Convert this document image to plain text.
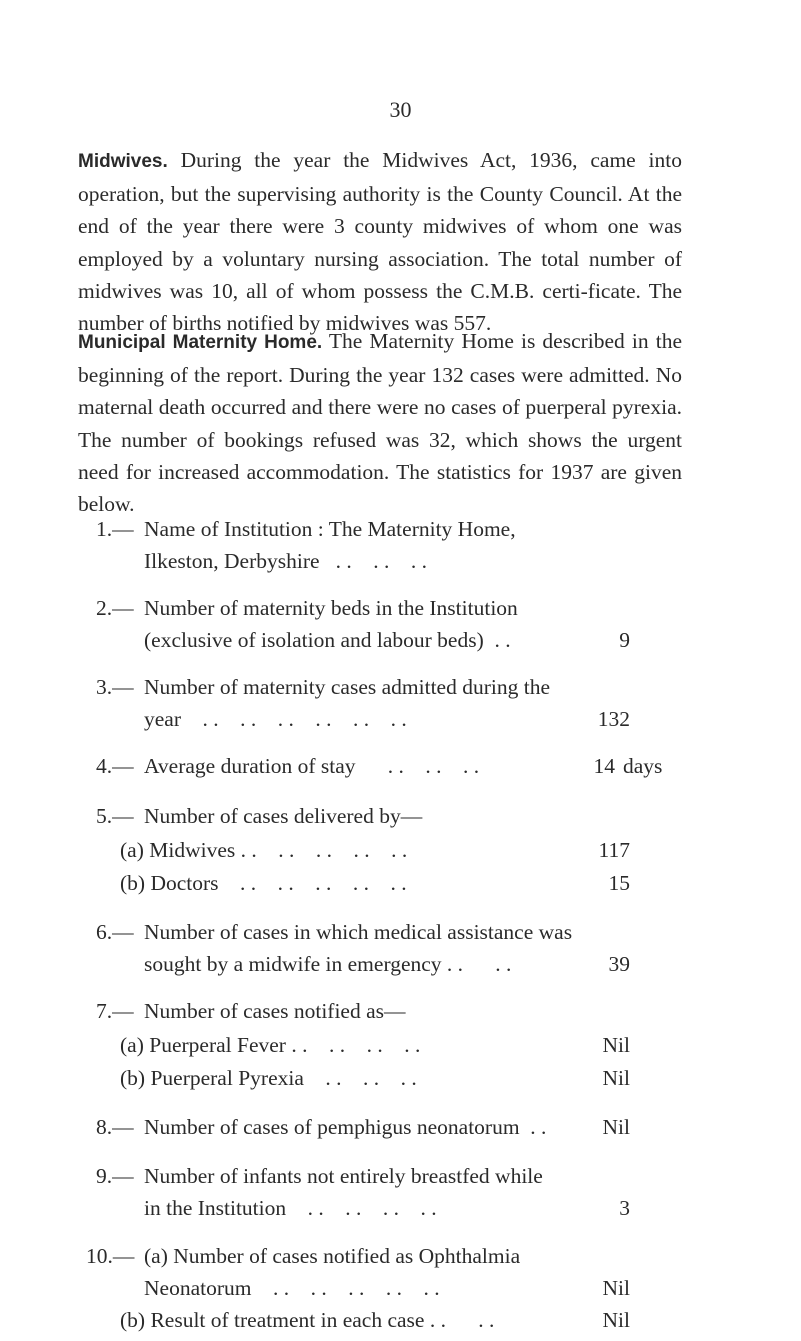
30

Midwives. During the year the Midwives Act, 1936, came into operation, but the supervising authority is the County Council. At the end of the year there were 3 county midwives of whom one was employed by a voluntary nursing association. The total number of midwives was 10, all of whom possess the C.M.B. certi-ficate. The number of births notified by midwives was 557.

Municipal Maternity Home. The Maternity Home is described in the beginning of the report. During the year 132 cases were admitted. No maternal death occurred and there were no cases of puerperal pyrexia. The number of bookings refused was 32, which shows the urgent need for increased accommodation. The statistics for 1937 are given below.

1.— Name of Institution : The Maternity Home,
Ilkeston, Derbyshire   . .    . .    . .
2.— Number of maternity beds in the Institution
(exclusive of isolation and labour beds)  . .	9
3.— Number of maternity cases admitted during the
year    . .    . .    . .    . .    . .    . .	132
4.— Average duration of stay      . .    . .    . .	14 days
5.— Number of cases delivered by—
(a) Midwives . .    . .    . .    . .    . .	117
(b) Doctors    . .    . .    . .    . .    . .	15
6.— Number of cases in which medical assistance was
sought by a midwife in emergency . .      . .	39
7.— Number of cases notified as—
(a) Puerperal Fever . .    . .    . .    . .	Nil
(b) Puerperal Pyrexia    . .    . .    . .	Nil
8.— Number of cases of pemphigus neonatorum  . .	Nil
9.— Number of infants not entirely breastfed while
in the Institution    . .    . .    . .    . .	3
10.— (a) Number of cases notified as Ophthalmia
Neonatorum    . .    . .    . .    . .    . .	Nil
(b) Result of treatment in each case . .      . .	Nil
